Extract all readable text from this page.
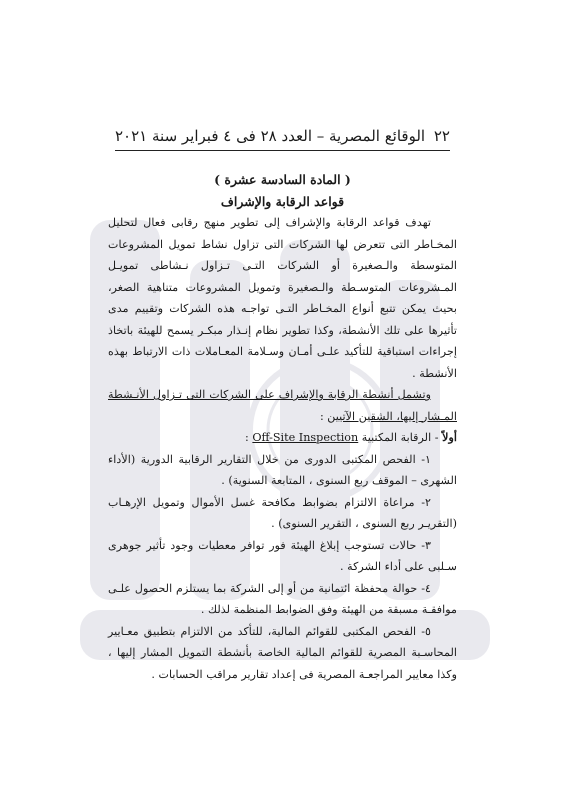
٢٢
الوقائع المصرية – العدد ٢٨ فى ٤ فبراير سنة ٢٠٢١
( المادة السادسة عشرة )
قواعد الرقابة والإشراف

تهدف قواعد الرقابة والإشراف إلى تطوير منهج رقابى فعال لتحليل المخـاطر التى تتعرض لها الشركات التى تزاول نشاط تمويل المشروعات المتوسطة والـصغيرة أو الشركات التـى تـزاول نـشاطى تمويـل المـشروعات المتوسـطة والـصغيرة وتمويل المشروعات متناهية الصغر، بحيث يمكن تتبع أنواع المخـاطر التـى تواجـه هذه الشركات وتقييم مدى تأثيرها على تلك الأنشطة، وكذا تطوير نظام إنـذار مبكـر يسمح للهيئة باتخاذ إجراءات استباقية للتأكيد علـى أمـان وسـلامة المعـاملات ذات الارتباط بهذه الأنشطة .

وتشمل أنشطة الرقابة والإشراف على الشركات التى تـزاول الأنـشطة المـشار إليها، الشقين الآتيين :

أولاً - الرقابة المكتبية Off-Site Inspection :

١- الفحص المكتبى الدورى من خلال التقارير الرقابية الدورية (الأداء الشهرى – الموقف ربع السنوى ، المتابعة السنوية) .

٢- مراعاة الالتزام بضوابط مكافحة غسل الأموال وتمويل الإرهـاب (التقريـر ربع السنوى ، التقرير السنوى) .

٣- حالات تستوجب إبلاغ الهيئة فور توافر معطيات وجود تأثير جوهرى سـلبى على أداء الشركة .

٤- حوالة محفظة ائتمانية من أو إلى الشركة بما يستلزم الحصول علـى موافقـة مسبقة من الهيئة وفق الضوابط المنظمة لذلك .

٥- الفحص المكتبى للقوائم المالية، للتأكد من الالتزام بتطبيق معـايير المحاسـبة المصرية للقوائم المالية الخاصة بأنشطة التمويل المشار إليها ، وكذا معايير المراجعـة المصرية فى إعداد تقارير مراقب الحسابات .
